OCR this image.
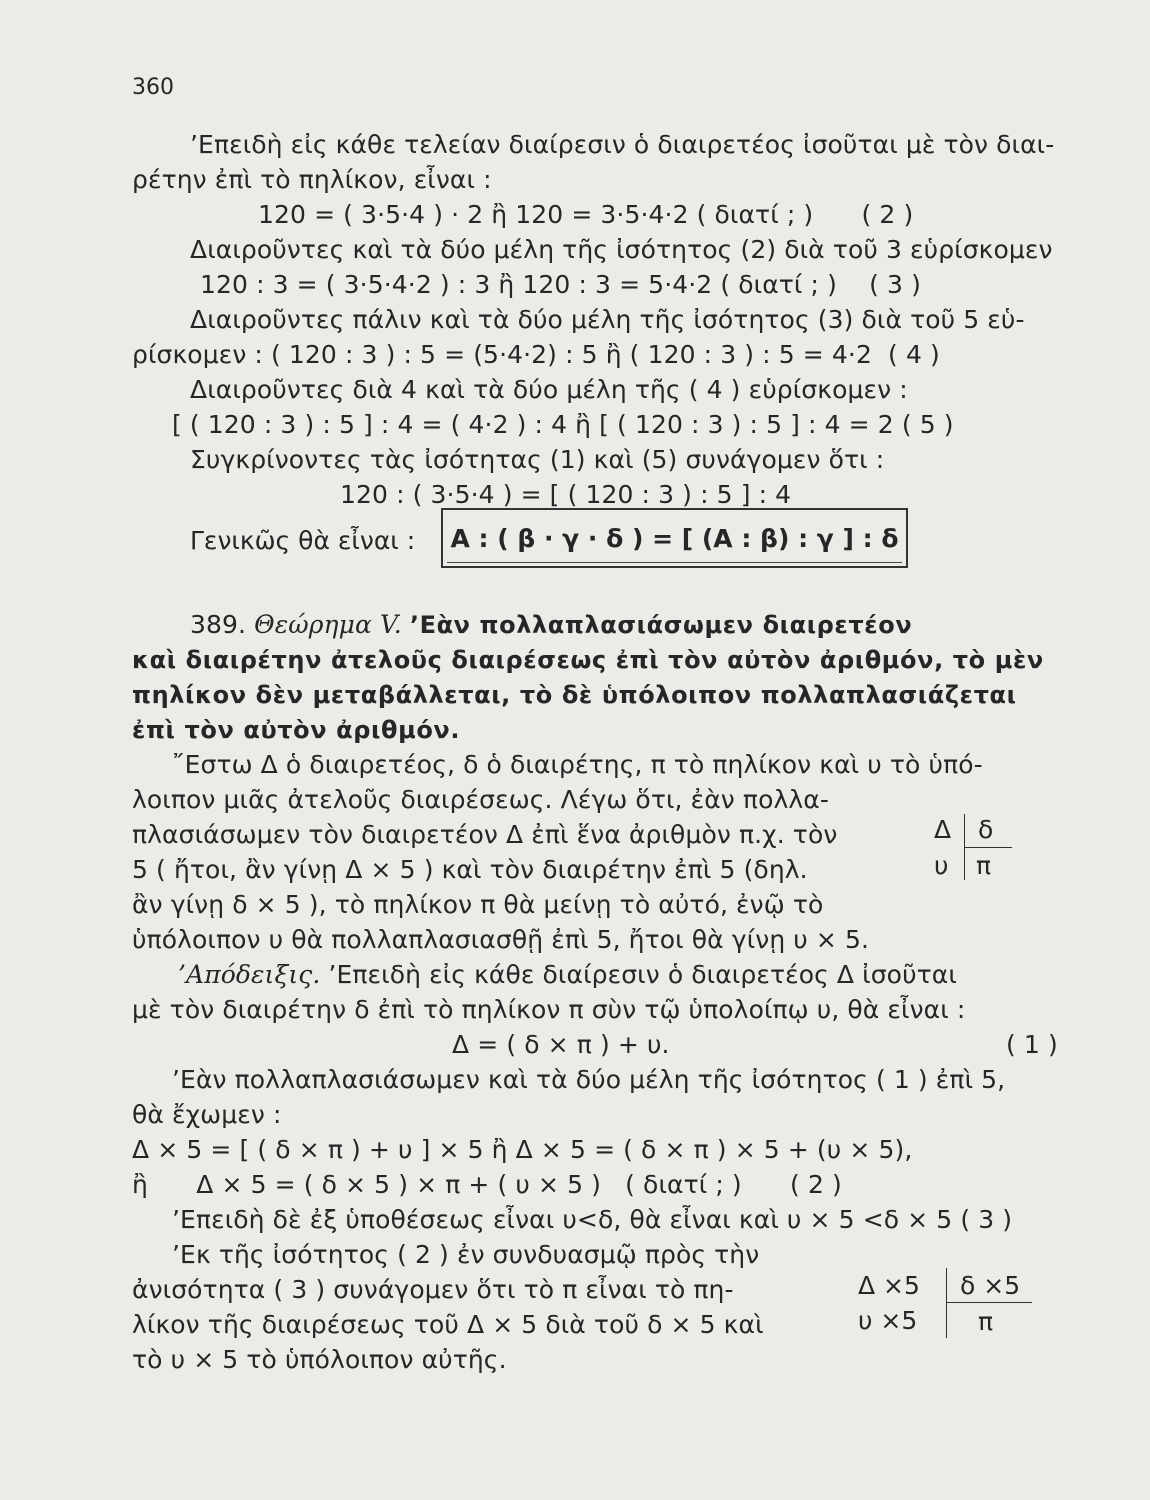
360

’Επειδὴ εἰς κάθε τελείαν διαίρεσιν ὁ διαιρετέος ἰσοῦται μὲ τὸν διαι-

ρέτην ἐπὶ τὸ πηλίκον, εἶναι :

120 = ( 3·5·4 ) · 2 ἢ 120 = 3·5·4·2 ( διατί ; )      ( 2 )

Διαιροῦντες καὶ τὰ δύο μέλη τῆς ἰσότητος (2) διὰ τοῦ 3 εὑρίσκομεν

120 : 3 = ( 3·5·4·2 ) : 3 ἢ 120 : 3 = 5·4·2 ( διατί ; )    ( 3 )

Διαιροῦντες πάλιν καὶ τὰ δύο μέλη τῆς ἰσότητος (3) διὰ τοῦ 5 εὑ-

ρίσκομεν : ( 120 : 3 ) : 5 = (5·4·2) : 5 ἢ ( 120 : 3 ) : 5 = 4·2  ( 4 )

Διαιροῦντες διὰ 4 καὶ τὰ δύο μέλη τῆς ( 4 ) εὑρίσκομεν :

[ ( 120 : 3 ) : 5 ] : 4 = ( 4·2 ) : 4 ἢ [ ( 120 : 3 ) : 5 ] : 4 = 2 ( 5 )

Συγκρίνοντες τὰς ἰσότητας (1) καὶ (5) συνάγομεν ὅτι :

120 : ( 3·5·4 ) = [ ( 120 : 3 ) : 5 ] : 4

Γενικῶς θὰ εἶναι : Α : ( β · γ · δ ) = [ (Α : β) : γ ] : δ

389. Θεώρημα V. ’Εὰν πολλαπλασιάσωμεν διαιρετέον

καὶ διαιρέτην ἀτελοῦς διαιρέσεως ἐπὶ τὸν αὐτὸν ἀριθμόν, τὸ μὲν

πηλίκον δὲν μεταβάλλεται, τὸ δὲ ὑπόλοιπον πολλαπλασιάζεται

ἐπὶ τὸν αὐτὸν ἀριθμόν.

῎Εστω Δ ὁ διαιρετέος, δ ὁ διαιρέτης, π τὸ πηλίκον καὶ υ τὸ ὑπό-

λοιπον μιᾶς ἀτελοῦς διαιρέσεως. Λέγω ὅτι, ἐὰν πολλα-

πλασιάσωμεν τὸν διαιρετέον Δ ἐπὶ ἕνα ἀριθμὸν π.χ. τὸν

5 ( ἤτοι, ἂν γίνῃ Δ × 5 ) καὶ τὸν διαιρέτην ἐπὶ 5 (δηλ.

ἂν γίνῃ δ × 5 ), τὸ πηλίκον π θὰ μείνῃ τὸ αὐτό, ἐνῷ τὸ

ὑπόλοιπον υ θὰ πολλαπλασιασθῇ ἐπὶ 5, ἤτοι θὰ γίνῃ υ × 5.

Δ δ
υ π

’Απόδειξις. ’Επειδὴ εἰς κάθε διαίρεσιν ὁ διαιρετέος Δ ἰσοῦται

μὲ τὸν διαιρέτην δ ἐπὶ τὸ πηλίκον π σὺν τῷ ὑπολοίπῳ υ, θὰ εἶναι :

Δ = ( δ × π ) + υ.	( 1 )

’Εὰν πολλαπλασιάσωμεν καὶ τὰ δύο μέλη τῆς ἰσότητος ( 1 ) ἐπὶ 5,

θὰ ἔχωμεν :

Δ × 5 = [ ( δ × π ) + υ ] × 5 ἢ Δ × 5 = ( δ × π ) × 5 + (υ × 5),

ἢ      Δ × 5 = ( δ × 5 ) × π + ( υ × 5 )   ( διατί ; )      ( 2 )

’Επειδὴ δὲ ἐξ ὑποθέσεως εἶναι υ<δ, θὰ εἶναι καὶ υ × 5 <δ × 5 ( 3 )

’Εκ τῆς ἰσότητος ( 2 ) ἐν συνδυασμῷ πρὸς τὴν

ἀνισότητα ( 3 ) συνάγομεν ὅτι τὸ π εἶναι τὸ πη-

λίκον τῆς διαιρέσεως τοῦ Δ × 5 διὰ τοῦ δ × 5 καὶ

τὸ υ × 5 τὸ ὑπόλοιπον αὐτῆς.

Δ ×5 δ ×5
υ ×5 π
